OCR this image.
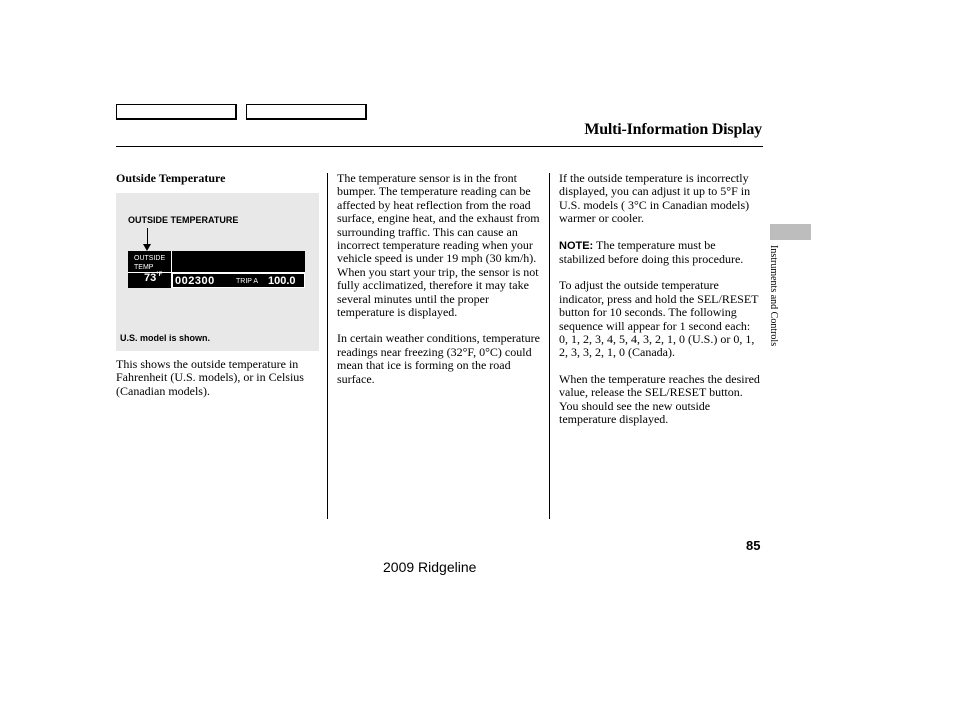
Multi-Information Display
Instruments and Controls

Outside Temperature

OUTSIDE TEMPERATURE
OUTSIDE
TEMP
$73^{^\circ F}$ 002300	TRIP A 100.0
U.S. model is shown.

This shows the outside temperature in Fahrenheit (U.S. models), or in Celsius (Canadian models).

The temperature sensor is in the front bumper. The temperature reading can be affected by heat reflection from the road surface, engine heat, and the exhaust from surrounding traffic. This can cause an incorrect temperature reading when your vehicle speed is under 19 mph (30 km/h). When you start your trip, the sensor is not fully acclimatized, therefore it may take several minutes until the proper temperature is displayed.

In certain weather conditions, temperature readings near freezing (32°F, 0°C) could mean that ice is forming on the road surface.

If the outside temperature is incorrectly displayed, you can adjust it up to 5°F in U.S. models ( 3°C in Canadian models) warmer or cooler.

NOTE: The temperature must be stabilized before doing this procedure.

To adjust the outside temperature indicator, press and hold the SEL/RESET button for 10 seconds. The following sequence will appear for 1 second each: 0, 1, 2, 3, 4, 5, 4, 3, 2, 1, 0 (U.S.) or 0, 1, 2, 3, 3, 2, 1, 0 (Canada).

When the temperature reaches the desired value, release the SEL/RESET button. You should see the new outside temperature displayed.

85
2009 Ridgeline
